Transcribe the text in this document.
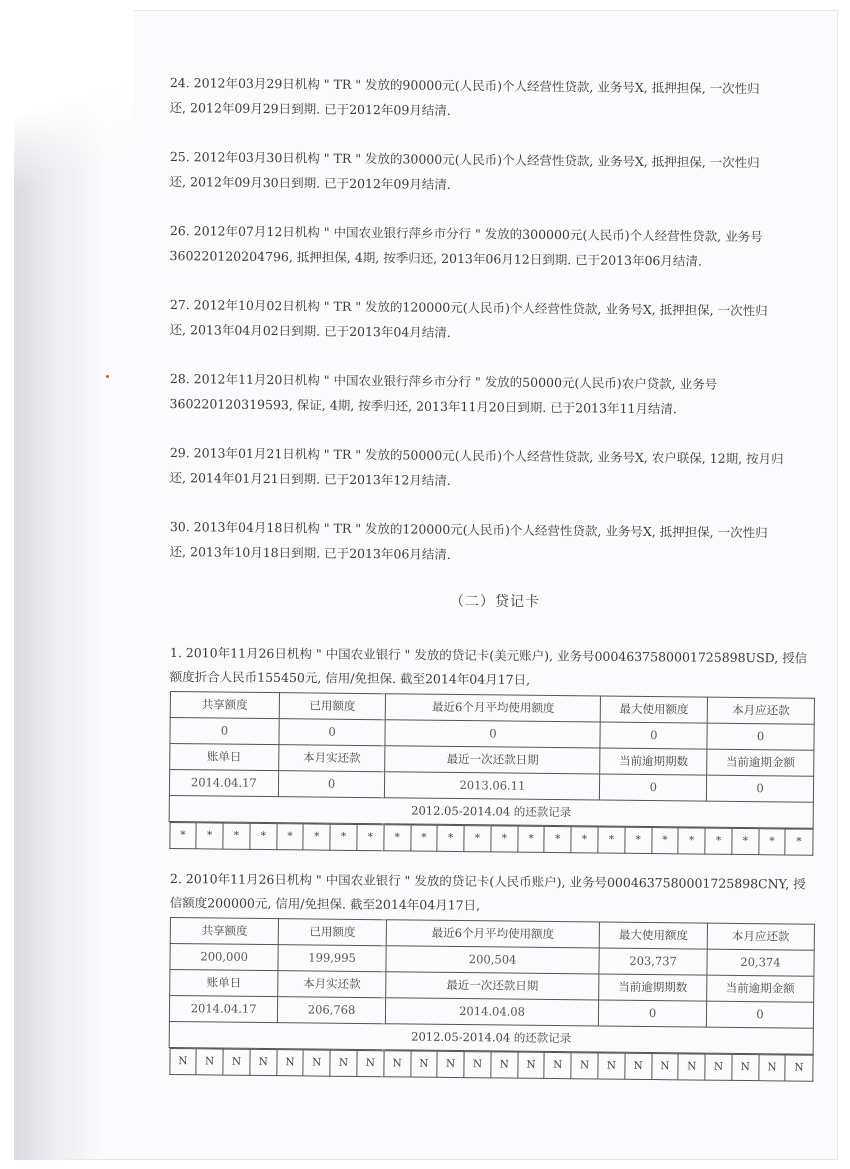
24. 2012年03月29日机构 " TR " 发放的90000元(人民币)个人经营性贷款, 业务号X, 抵押担保, 一次性归

还, 2012年09月29日到期. 已于2012年09月结清.

25. 2012年03月30日机构 " TR " 发放的30000元(人民币)个人经营性贷款, 业务号X, 抵押担保, 一次性归

还, 2012年09月30日到期. 已于2012年09月结清.

26. 2012年07月12日机构 " 中国农业银行萍乡市分行 " 发放的300000元(人民币)个人经营性贷款, 业务号

360220120204796, 抵押担保, 4期, 按季归还, 2013年06月12日到期. 已于2013年06月结清.

27. 2012年10月02日机构 " TR " 发放的120000元(人民币)个人经营性贷款, 业务号X, 抵押担保, 一次性归

还, 2013年04月02日到期. 已于2013年04月结清.

28. 2012年11月20日机构 " 中国农业银行萍乡市分行 " 发放的50000元(人民币)农户贷款, 业务号

360220120319593, 保证, 4期, 按季归还, 2013年11月20日到期. 已于2013年11月结清.

29. 2013年01月21日机构 " TR " 发放的50000元(人民币)个人经营性贷款, 业务号X, 农户联保, 12期, 按月归

还, 2014年01月21日到期. 已于2013年12月结清.

30. 2013年04月18日机构 " TR " 发放的120000元(人民币)个人经营性贷款, 业务号X, 抵押担保, 一次性归

还, 2013年10月18日到期. 已于2013年06月结清.

（二）贷记卡
1. 2010年11月26日机构 " 中国农业银行 " 发放的贷记卡(美元账户), 业务号0004637580001725898USD, 授信
额度折合人民币155450元, 信用/免担保. 截至2014年04月17日,
共享额度	已用额度	最近6个月平均使用额度	最大使用额度	本月应还款
0	0	0	0	0
账单日	本月实还款	最近一次还款日期	当前逾期期数	当前逾期金额
2014.04.17	0	2013.06.11	0	0
2012.05-2014.04 的还款记录

*	*	*	*	*	*	*	*	*	*	*	*	*	*	*	*	*	*	*	*	*	*	*	*
2. 2010年11月26日机构 " 中国农业银行 " 发放的贷记卡(人民币账户), 业务号0004637580001725898CNY, 授
信额度200000元, 信用/免担保. 截至2014年04月17日,
共享额度	已用额度	最近6个月平均使用额度	最大使用额度	本月应还款
200,000	199,995	200,504	203,737	20,374
账单日	本月实还款	最近一次还款日期	当前逾期期数	当前逾期金额
2014.04.17	206,768	2014.04.08	0	0
2012.05-2014.04 的还款记录

N	N	N	N	N	N	N	N	N	N	N	N	N	N	N	N	N	N	N	N	N	N	N	N
